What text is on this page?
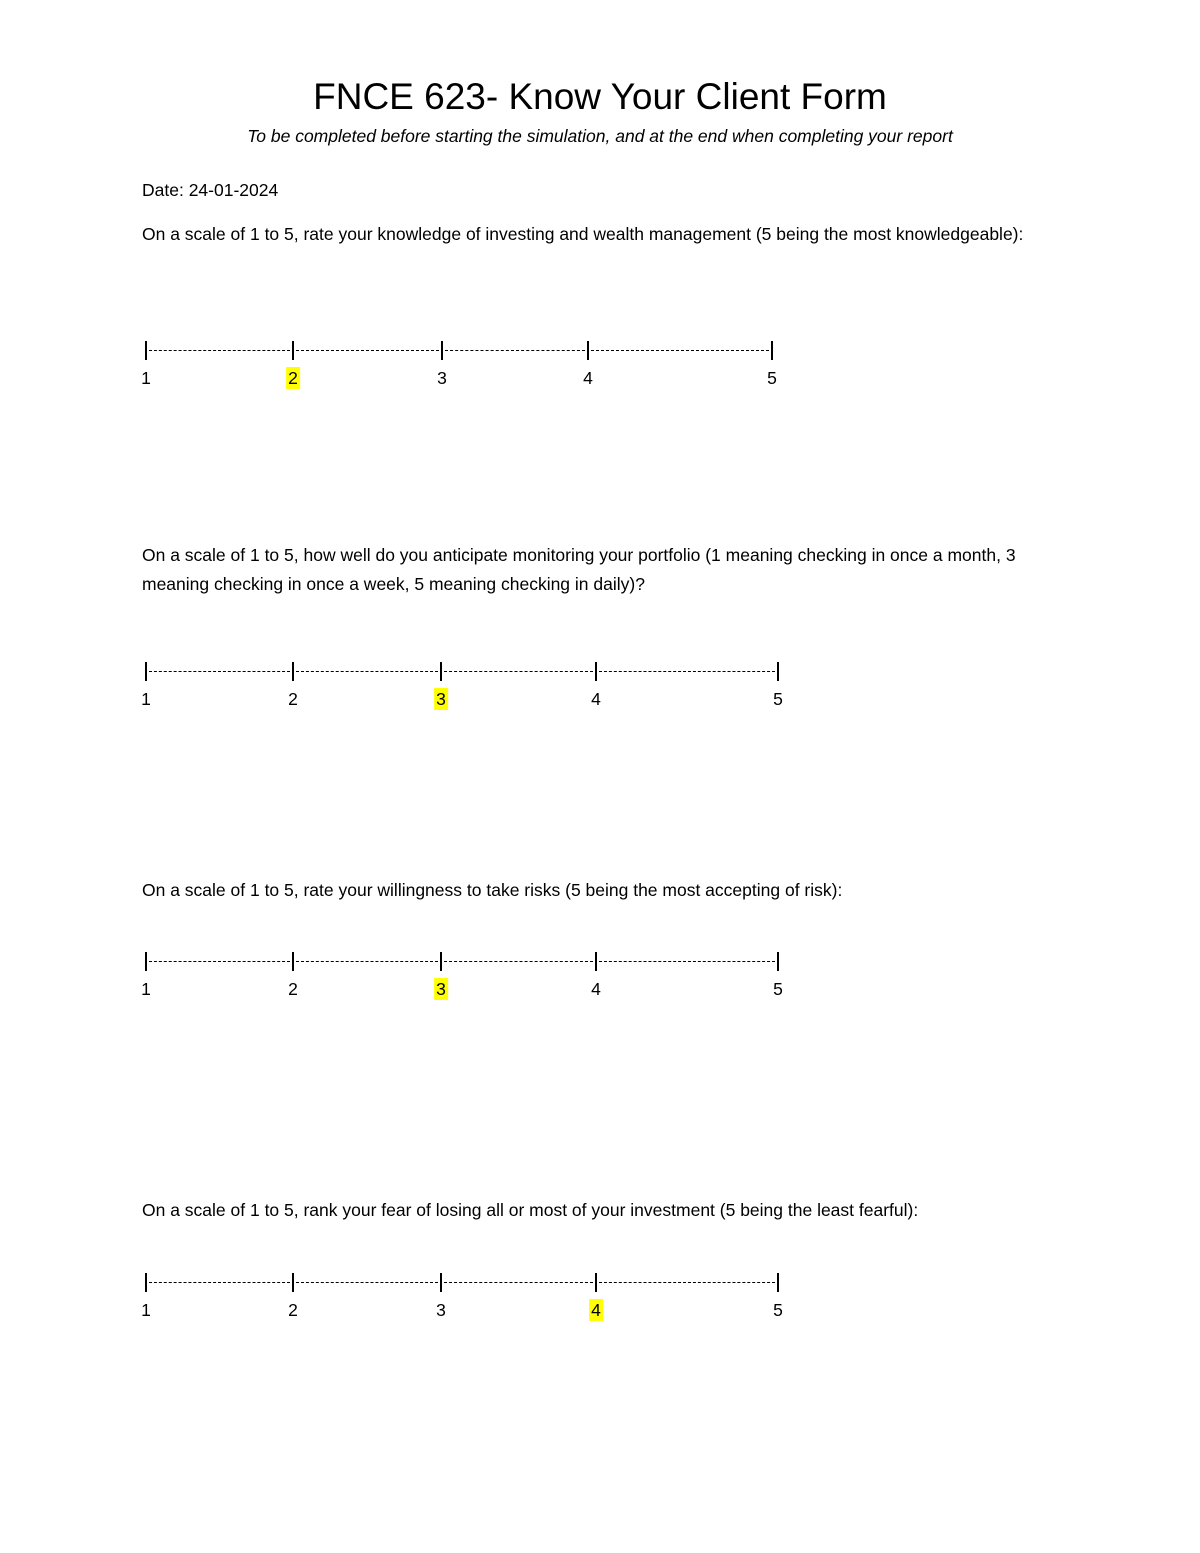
FNCE 623- Know Your Client Form
To be completed before starting the simulation, and at the end when completing your report
Date: 24-01-2024
On a scale of 1 to 5, rate your knowledge of investing and wealth management (5 being the most knowledgeable):
1	2	3	4	5
On a scale of 1 to 5, how well do you anticipate monitoring your portfolio (1 meaning checking in once a month, 3 meaning checking in once a week, 5 meaning checking in daily)?
1	2	3	4	5
On a scale of 1 to 5, rate your willingness to take risks (5 being the most accepting of risk):
1	2	3	4	5
On a scale of 1 to 5, rank your fear of losing all or most of your investment (5 being the least fearful):
1	2	3	4	5
